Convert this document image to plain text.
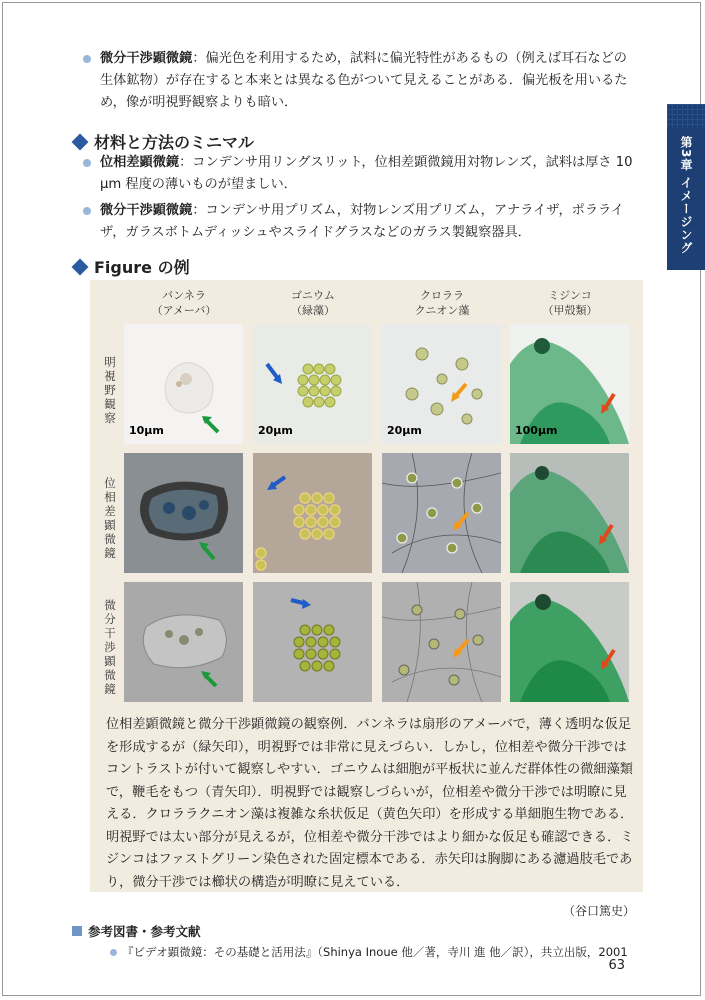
微分干渉顕微鏡：偏光色を利用するため，試料に偏光特性があるもの（例えば耳石などの生体鉱物）が存在すると本来とは異なる色がついて見えることがある．偏光板を用いるため，像が明視野観察よりも暗い．
材料と方法のミニマル
位相差顕微鏡：コンデンサ用リングスリット，位相差顕微鏡用対物レンズ，試料は厚さ 10 μm 程度の薄いものが望ましい．
微分干渉顕微鏡：コンデンサ用プリズム，対物レンズ用プリズム，アナライザ，ポラライザ，ガラスボトムディッシュやスライドグラスなどのガラス製観察器具．
Figure の例
第3章 イメージング
バンネラ
（アメーバ）
ゴニウム
（緑藻）
クロララ
クニオン藻
ミジンコ
（甲殻類）
明視野観察
位相差顕微鏡
微分干渉顕微鏡
10µm	20µm	20µm	100µm
位相差顕微鏡と微分干渉顕微鏡の観察例．バンネラは扇形のアメーバで，薄く透明な仮足を形成するが（緑矢印），明視野では非常に見えづらい．しかし，位相差や微分干渉ではコントラストが付いて観察しやすい．ゴニウムは細胞が平板状に並んだ群体性の微細藻類で，鞭毛をもつ（青矢印）．明視野では観察しづらいが，位相差や微分干渉では明瞭に見える．クロララクニオン藻は複雑な糸状仮足（黄色矢印）を形成する単細胞生物である．明視野では太い部分が見えるが，位相差や微分干渉ではより細かな仮足も確認できる．ミジンコはファストグリーン染色された固定標本である．赤矢印は胸脚にある濾過肢毛であり，微分干渉では櫛状の構造が明瞭に見えている．
（谷口篤史）
参考図書・参考文献
『ビデオ顕微鏡：その基礎と活用法』（Shinya Inoue 他／著，寺川 進 他／訳），共立出版，2001
63
